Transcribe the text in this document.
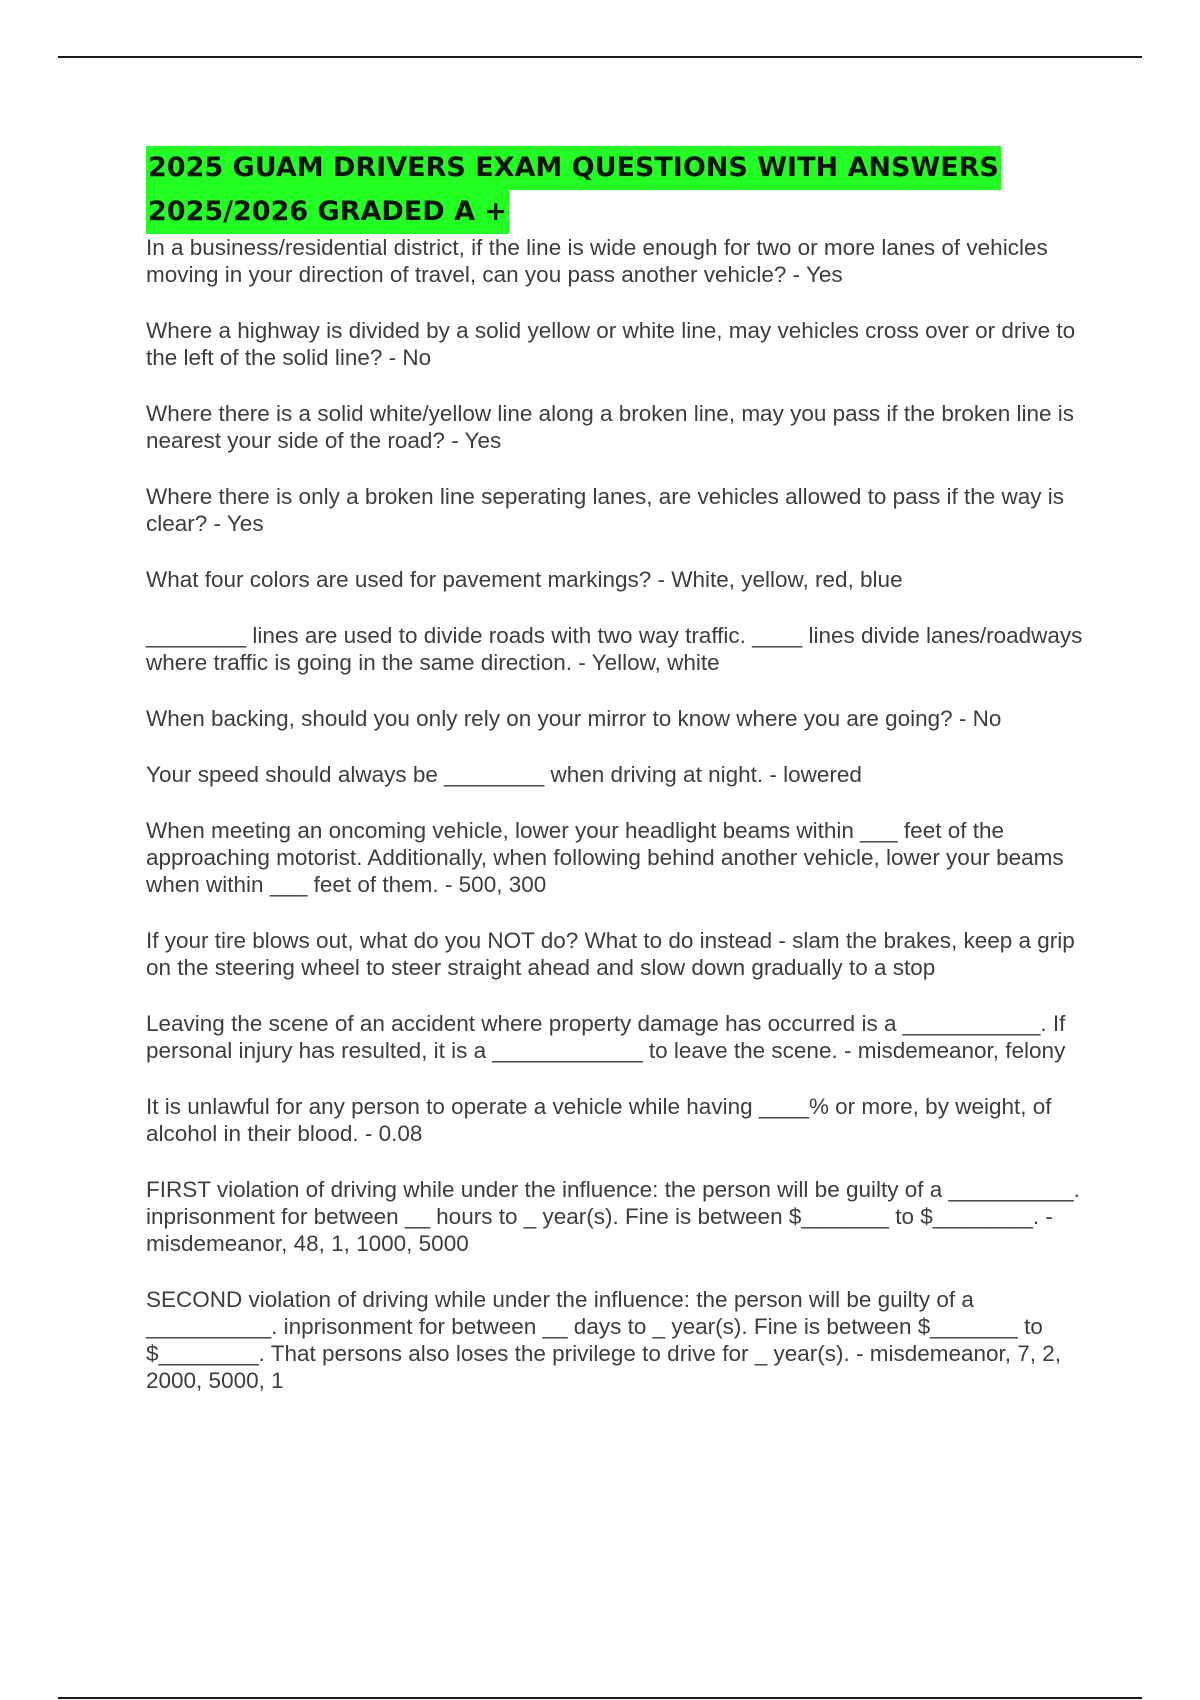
2025 GUAM DRIVERS EXAM QUESTIONS WITH ANSWERS
2025/2026 GRADED A +
In a business/residential district, if the line is wide enough for two or more lanes of vehicles moving in your direction of travel, can you pass another vehicle? - Yes
Where a highway is divided by a solid yellow or white line, may vehicles cross over or drive to the left of the solid line? - No
Where there is a solid white/yellow line along a broken line, may you pass if the broken line is nearest your side of the road? - Yes
Where there is only a broken line seperating lanes, are vehicles allowed to pass if the way is clear? - Yes
What four colors are used for pavement markings? - White, yellow, red, blue
________ lines are used to divide roads with two way traffic. ____ lines divide lanes/roadways where traffic is going in the same direction. - Yellow, white
When backing, should you only rely on your mirror to know where you are going? - No
Your speed should always be ________ when driving at night. - lowered
When meeting an oncoming vehicle, lower your headlight beams within ___ feet of the approaching motorist. Additionally, when following behind another vehicle, lower your beams when within ___ feet of them. - 500, 300
If your tire blows out, what do you NOT do? What to do instead - slam the brakes, keep a grip on the steering wheel to steer straight ahead and slow down gradually to a stop
Leaving the scene of an accident where property damage has occurred is a ___________. If personal injury has resulted, it is a ____________ to leave the scene. - misdemeanor, felony
It is unlawful for any person to operate a vehicle while having ____% or more, by weight, of alcohol in their blood. - 0.08
FIRST violation of driving while under the influence: the person will be guilty of a __________. inprisonment for between __ hours to _ year(s). Fine is between $_______ to $________. - misdemeanor, 48, 1, 1000, 5000
SECOND violation of driving while under the influence: the person will be guilty of a __________. inprisonment for between __ days to _ year(s). Fine is between $_______ to $________. That persons also loses the privilege to drive for _ year(s). - misdemeanor, 7, 2, 2000, 5000, 1
